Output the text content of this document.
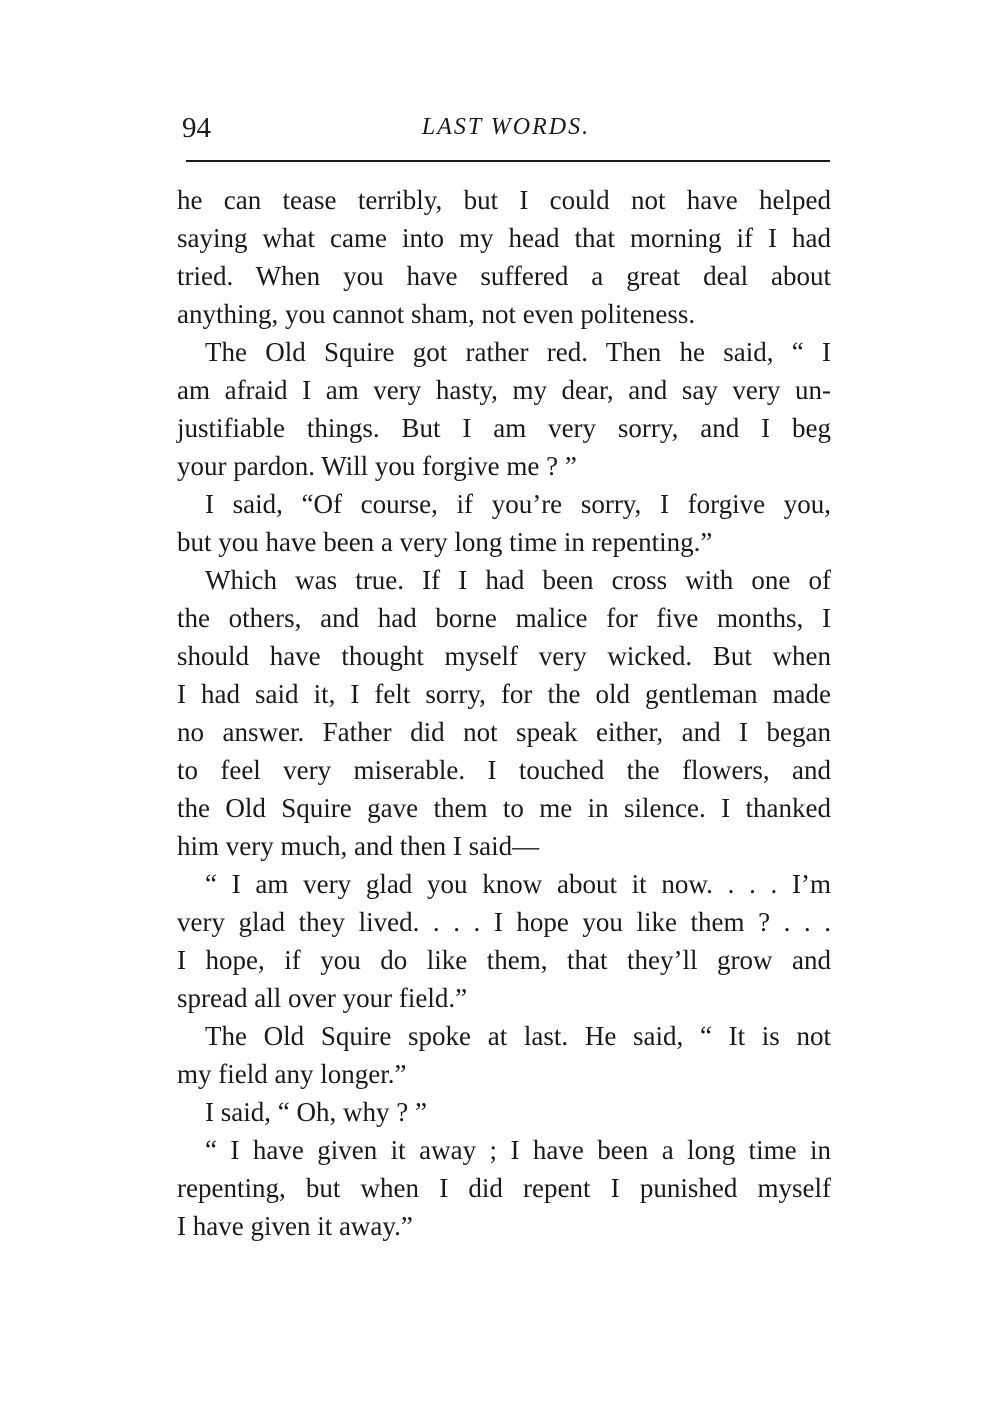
94	LAST WORDS.
he can tease terribly, but I could not have helped
saying what came into my head that morning if I had
tried. When you have suffered a great deal about
anything, you cannot sham, not even politeness.
The Old Squire got rather red. Then he said, “ I
am afraid I am very hasty, my dear, and say very un-
justifiable things. But I am very sorry, and I beg
your pardon. Will you forgive me ? ”
I said, “Of course, if you’re sorry, I forgive you,
but you have been a very long time in repenting.”
Which was true. If I had been cross with one of
the others, and had borne malice for five months, I
should have thought myself very wicked. But when
I had said it, I felt sorry, for the old gentleman made
no answer. Father did not speak either, and I began
to feel very miserable. I touched the flowers, and
the Old Squire gave them to me in silence. I thanked
him very much, and then I said—
“ I am very glad you know about it now. . . . I’m
very glad they lived. . . . I hope you like them ? . . .
I hope, if you do like them, that they’ll grow and
spread all over your field.”
The Old Squire spoke at last. He said, “ It is not
my field any longer.”
I said, “ Oh, why ? ”
“ I have given it away ; I have been a long time in
repenting, but when I did repent I punished myself
I have given it away.”
